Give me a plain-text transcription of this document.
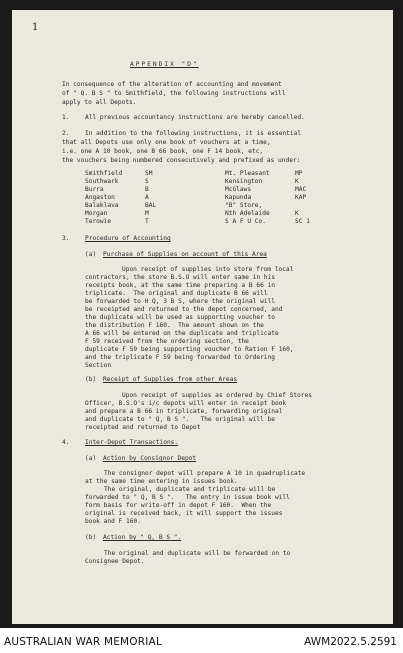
1
APPENDIX "D"
In consequence of the alteration of accounting and movement
of " Q. B S " to Smithfield, the following instructions will
apply to all Depots.
1.	All previous accountancy instructions are hereby cancelled.
2.	In addition to the following instructions, it is essential
that all Depots use only one book of vouchers at a time,
i.e. one A 10 book, one B 66 book, one F 14 book, etc,
the vouchers being numbered consecutively and prefixed as under:
Smithfield	SM
Southwark	S
Burra	B
Angaston	A
Balaklava	BAL
Morgan	M
Terowie	T
Mt. Pleasant	MP
Kensington	K
McGlaws	MAC
Kapunda	KAP
"B" Store,
Nth Adelaide	K
S A F U Co.	SC 1
3.	Procedure of Accounting
(a) Purchase of Supplies on account of this Area
Upon receipt of supplies into store from local
contractors, the store B.S.O will enter same in his
receipts book, at the same time preparing a B 66 in
triplicate.  The original and duplicate B 66 will
be forwarded to H Q, 3 B S, where the original will
be receipted and returned to the depot concerned, and
the duplicate will be used as supporting voucher to
the distribution F 160.  The amount shown on the
A 66 will be entered on the duplicate and triplicate
F 59 received from the ordering section, the
duplicate F 59 being supporting voucher to Ration F 160,
and the triplicate F 59 being forwarded to Ordering
Section
(b) Receipt of Supplies from other Areas
Upon receipt of supplies as ordered by Chief Stores
Officer, B.S.O's i/c depots will enter in receipt book
and prepare a B 66 in triplicate, forwarding original
and duplicate to " Q, B S ".   The original will be
receipted and returned to Depot
4.	Inter-Depot Transactions.
(a) Action by Consignor Depot
The consignor depot will prepare A 10 in quadruplicate
at the same time entering in issues book.
The original, duplicate and triplicate will be
forwarded to " Q, B S ".   The entry in issue book will
form basis for write-off in depot F 160.  When the
original is received back, it will support the issues
book and F 160.
(b) Action by " Q, B S ".
The original and duplicate will be forwarded on to
Consignee Depot.
AUSTRALIAN WAR MEMORIAL	AWM2022.5.2591
